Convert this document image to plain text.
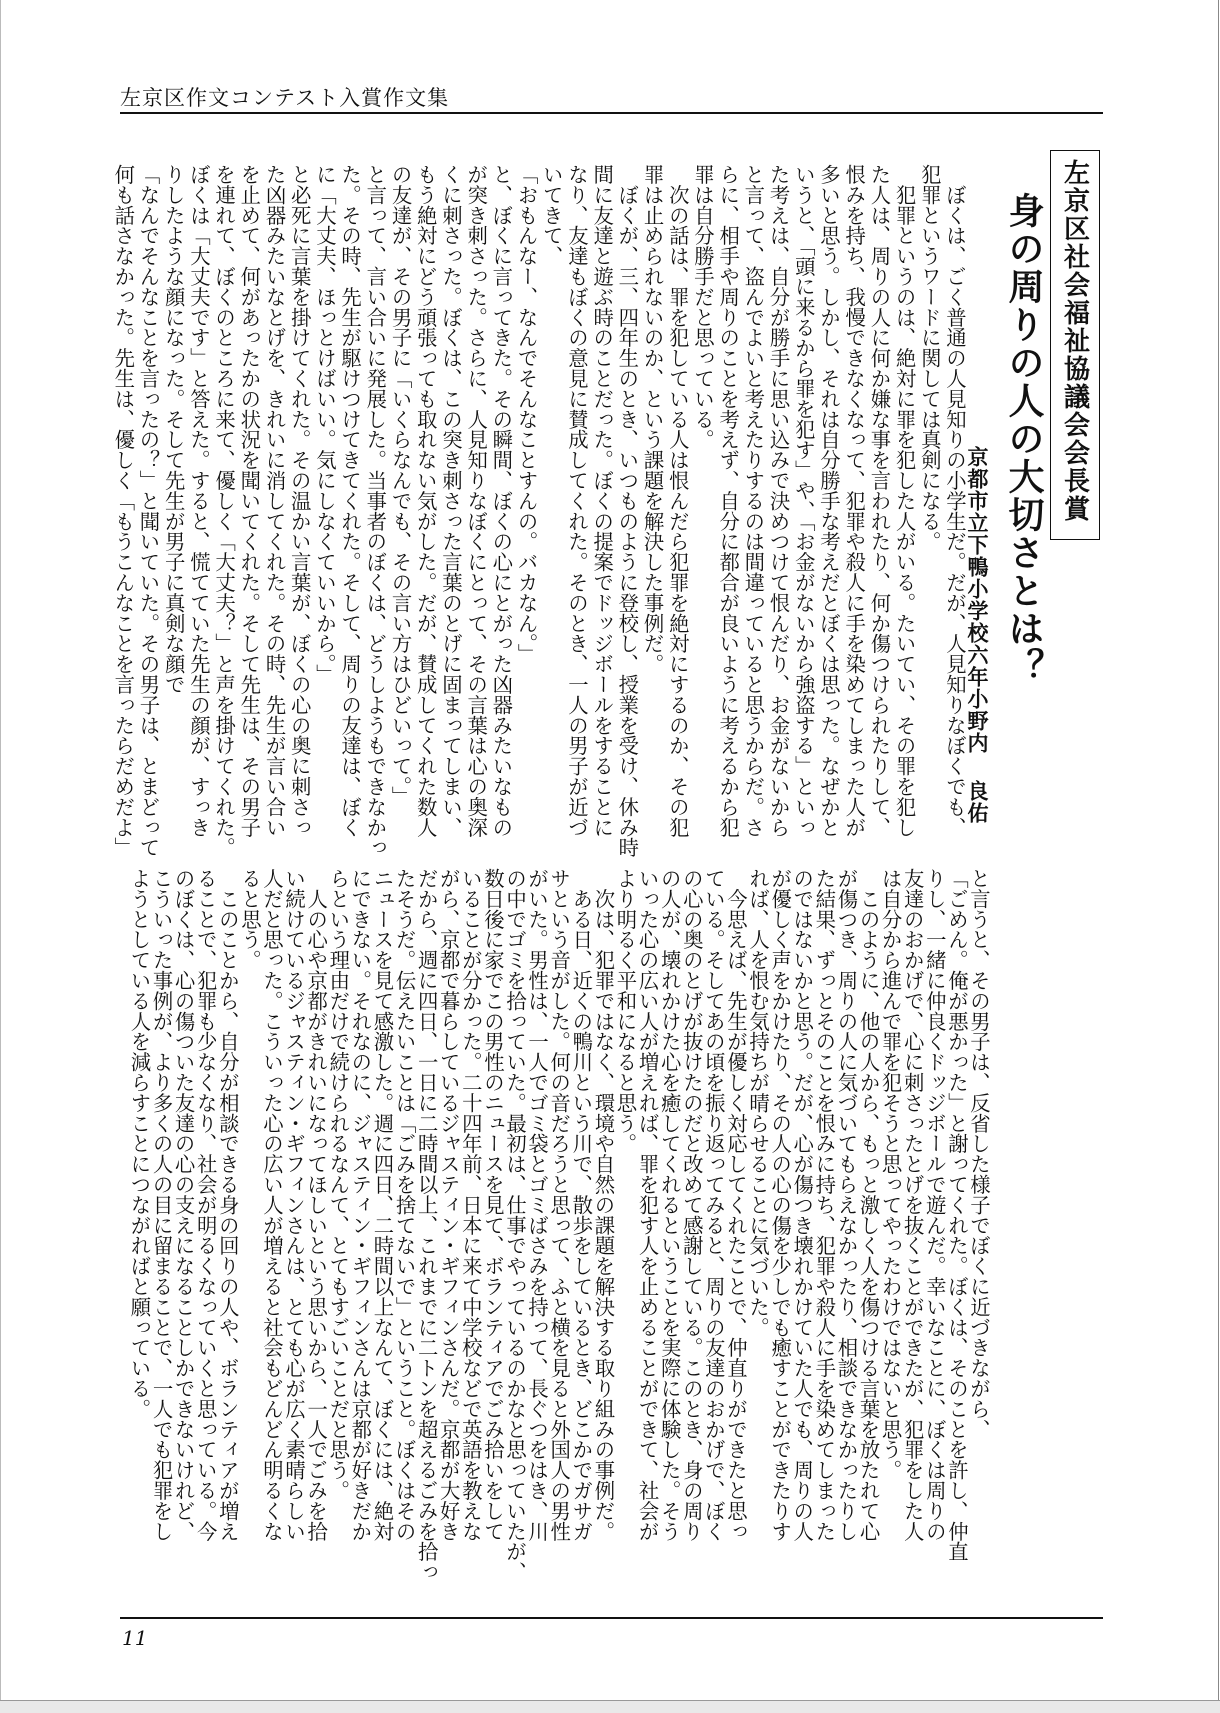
左京区作文コンテスト入賞作文集
左京区社会福祉協議会会長賞
身の周りの人の大切さとは？
京都市立下鴨小学校六年
小野内
良佑
　ぼくは、ごく普通の人見知りの小学生だ。だが、人見知りなぼくでも、
犯罪というワードに関しては真剣になる。
　犯罪というのは、絶対に罪を犯した人がいる。たいてい、その罪を犯し
た人は、周りの人に何か嫌な事を言われたり、何か傷つけられたりして、
恨みを持ち、我慢できなくなって、犯罪や殺人に手を染めてしまった人が
多いと思う。しかし、それは自分勝手な考えだとぼくは思った。なぜかと
いうと、「頭に来るから罪を犯す」や、「お金がないから強盗する」といっ
た考えは、自分が勝手に思い込みで決めつけて恨んだり、お金がないから
と言って、盗んでよいと考えたりするのは間違っていると思うからだ。さ
らに、相手や周りのことを考えず、自分に都合が良いように考えるから犯
罪は自分勝手だと思っている。
　次の話は、罪を犯している人は恨んだら犯罪を絶対にするのか、その犯
罪は止められないのか、という課題を解決した事例だ。
　ぼくが、三、四年生のとき、いつものように登校し、授業を受け、休み時
間に友達と遊ぶ時のことだった。ぼくの提案でドッジボールをすることに
なり、友達もぼくの意見に賛成してくれた。そのとき、一人の男子が近づ
いてきて、
「おもんなー、なんでそんなことすんの。バカなん。」
と、ぼくに言ってきた。その瞬間、ぼくの心にとがった凶器みたいなもの
が突き刺さった。さらに、人見知りなぼくにとって、その言葉は心の奥深
くに刺さった。ぼくは、この突き刺さった言葉のとげに固まってしまい、
もう絶対にどう頑張っても取れない気がした。だが、賛成してくれた数人
の友達が、その男子に「いくらなんでも、その言い方はひどいって。」
と言って、言い合いに発展した。当事者のぼくは、どうしようもできなかっ
た。その時、先生が駆けつけてきてくれた。そして、周りの友達は、ぼく
に「大丈夫、ほっとけばいい。気にしなくていいから。」
と必死に言葉を掛けてくれた。その温かい言葉が、ぼくの心の奥に刺さっ
た凶器みたいなとげを、きれいに消してくれた。その時、先生が言い合い
を止めて、何があったかの状況を聞いてくれた。そして先生は、その男子
を連れて、ぼくのところに来て、優しく「大丈夫？」と声を掛けてくれた。
ぼくは「大丈夫です」と答えた。すると、慌てていた先生の顔が、すっき
りしたような顔になった。そして先生が男子に真剣な顔で
「なんでそんなことを言ったの？」と聞いていた。その男子は、とまどって
何も話さなかった。先生は、優しく「もうこんなことを言ったらだめだよ」
と言うと、その男子は、反省した様子でぼくに近づきながら、
「ごめん。俺が悪かった」と謝ってくれた。ぼくは、そのことを許し、仲直
りし、一緒に仲良くドッジボールで遊んだ。幸いなことに、ぼくは周りの
友達のおかげで、心に刺さったとげを抜くことができたが、犯罪をした人
は自分から進んで罪を犯そうと思ってやったわけではないと思う。
　このように、他の人から、もっと激しく人を傷つける言葉を放たれて心
が傷つき、周りの人に気づいてもらえなかったり、相談できなかったりし
た結果、ずっとそのことを恨みに持ち、犯罪や殺人に手を染めてしまった
のではないかと思う。だが、心が傷つき壊れかけていた人でも、周りの人
が優しく声をかけたり、その人の心の傷を少しでも癒すことができたりす
れば、人を恨む気持ちが晴らせることに気づいた。
　今思えば、先生が優しく対応してくれたことで、仲直りができたと思っ
ている。そしてあの頃を振り返ってみると、周りの友達のおかげで、ぼく
の心の奥のとげが抜けたのだと改めて感謝している。このとき、身の周り
の人が、壊れかけた心を癒してくれるということを実際に体験した。そう
いった心の広い人が増えれば、罪を犯す人を止めることができて、社会が
より明るく平和になると思う。
　次は、犯罪ではなく、環境や自然の課題を解決する取り組みの事例だ。
　ある日、近くの鴨川という川で、散歩をしているとき、どこかでガサガ
サという音がした。何の音だろうと思って、ふと横を見ると外国人の男性
がいた。男性は、一人でゴミ袋とゴミばさみを持って、長ぐつをはき、川
の中でゴミを拾っていた。最初は、仕事でやっているのかなと思っていたが、
数日後に家でこの男性のニュースを見て、ボランティアでごみ拾いをして
いることが分かった。二十四年前、日本に来て中学校などで英語を教えな
がら、京都で暮らしているジャスティン・ギフィンさんだ。京都が大好き
だから、週に四日、一日に二時間以上、これまでに二トンを超えるごみを拾っ
たそうだ。伝えたいことは「ごみを捨てないで」ということ。ぼくはその
ニュースを見て感激した。週に四日、二時間以上なんて、ぼくには、絶対
にできない。それなのに、ジャスティン・ギフィンさんは京都が好きだか
らという理由だけで続けられるなんて、とてもすごいことだと思う。
　人の心や京都がきれいになってほしいという思いから、一人でごみを拾
い続けているジャスティン・ギフィンさんは、とても心が広く素晴らしい
人だと思った。こういった心の広い人が増えると社会もどんどん明るくな
ると思う。
　このことから、自分が相談できる身の回りの人や、ボランティアが増え
ることで、犯罪も少なくなり、社会が明るくなっていくと思っている。今
のぼくは、心の傷ついた友達の心の支えになることしかできないけれど、
こういった事例が、より多くの人の目に留まることで、一人でも犯罪をし
ようとしている人を減らすことにつながればと願っている。
11
